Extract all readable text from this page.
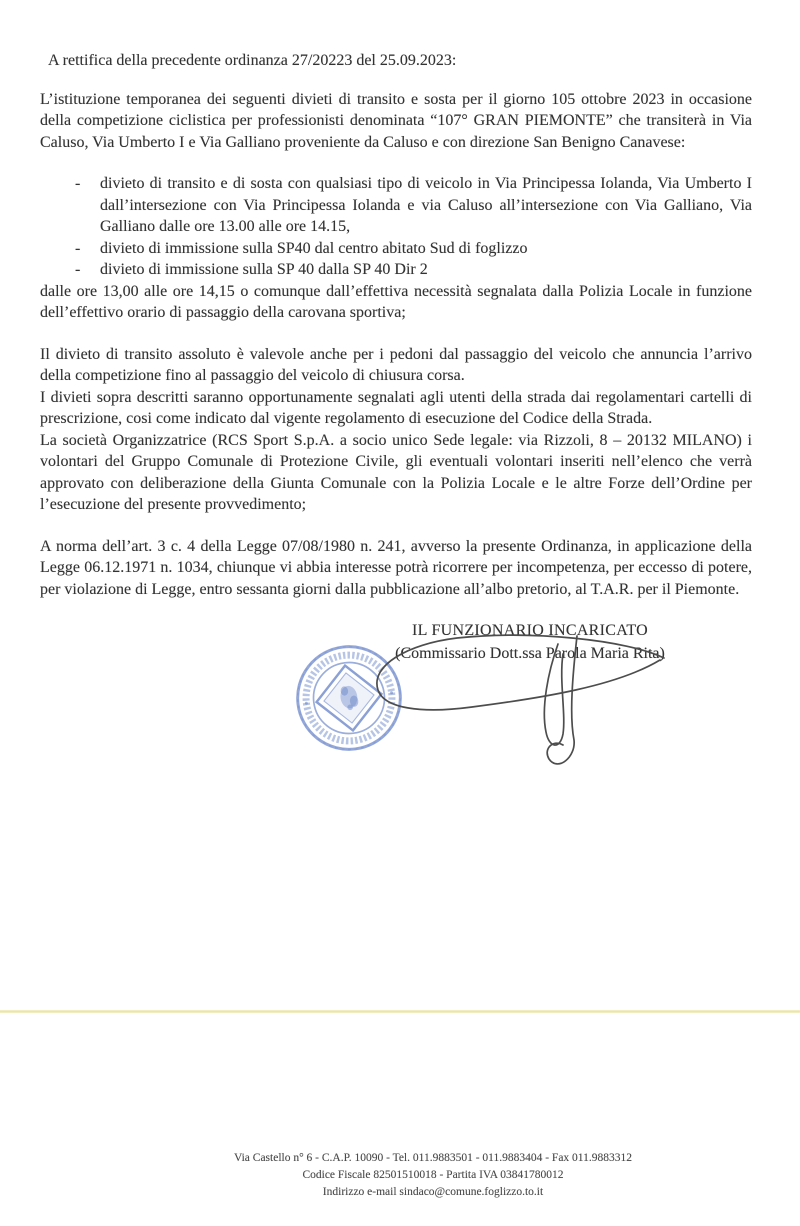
A rettifica della precedente ordinanza 27/20223 del 25.09.2023:

L’istituzione temporanea dei seguenti divieti di transito e sosta per il giorno 105 ottobre 2023 in occasione della competizione ciclistica per professionisti denominata “107° GRAN PIEMONTE” che transiterà in Via Caluso, Via Umberto I e Via Galliano proveniente da Caluso e con direzione San Benigno Canavese:

- divieto di transito e di sosta con qualsiasi tipo di veicolo in Via Principessa Iolanda, Via Umberto I dall’intersezione con Via Principessa Iolanda e via Caluso all’intersezione con Via Galliano, Via Galliano dalle ore 13.00 alle ore 14.15,
- divieto di immissione sulla SP40 dal centro abitato Sud di foglizzo
- divieto di immissione sulla SP 40 dalla SP 40 Dir 2

dalle ore 13,00 alle ore 14,15 o comunque dall’effettiva necessità segnalata dalla Polizia Locale in funzione dell’effettivo orario di passaggio della carovana sportiva;

Il divieto di transito assoluto è valevole anche per i pedoni dal passaggio del veicolo che annuncia l’arrivo della competizione fino al passaggio del veicolo di chiusura corsa.

I divieti sopra descritti saranno opportunamente segnalati agli utenti della strada dai regolamentari cartelli di prescrizione, cosi come indicato dal vigente regolamento di esecuzione del Codice della Strada.

La società Organizzatrice (RCS Sport S.p.A. a socio unico Sede legale: via Rizzoli, 8 – 20132 MILANO) i volontari del Gruppo Comunale di Protezione Civile, gli eventuali volontari inseriti nell’elenco che verrà approvato con deliberazione della Giunta Comunale con la Polizia Locale e le altre Forze dell’Ordine per l’esecuzione del presente provvedimento;

A norma dell’art. 3 c. 4 della Legge 07/08/1980 n. 241, avverso la presente Ordinanza, in applicazione della Legge 06.12.1971 n. 1034, chiunque vi abbia interesse potrà ricorrere per incompetenza, per eccesso di potere, per violazione di Legge, entro sessanta giorni dalla pubblicazione all’albo pretorio, al T.A.R. per il Piemonte.

IL FUNZIONARIO INCARICATO
(Commissario Dott.ssa Parola Maria Rita)
Via Castello n° 6 - C.A.P. 10090 - Tel. 011.9883501 - 011.9883404 - Fax 011.9883312
Codice Fiscale 82501510018 - Partita IVA 03841780012
Indirizzo e-mail sindaco@comune.foglizzo.to.it
